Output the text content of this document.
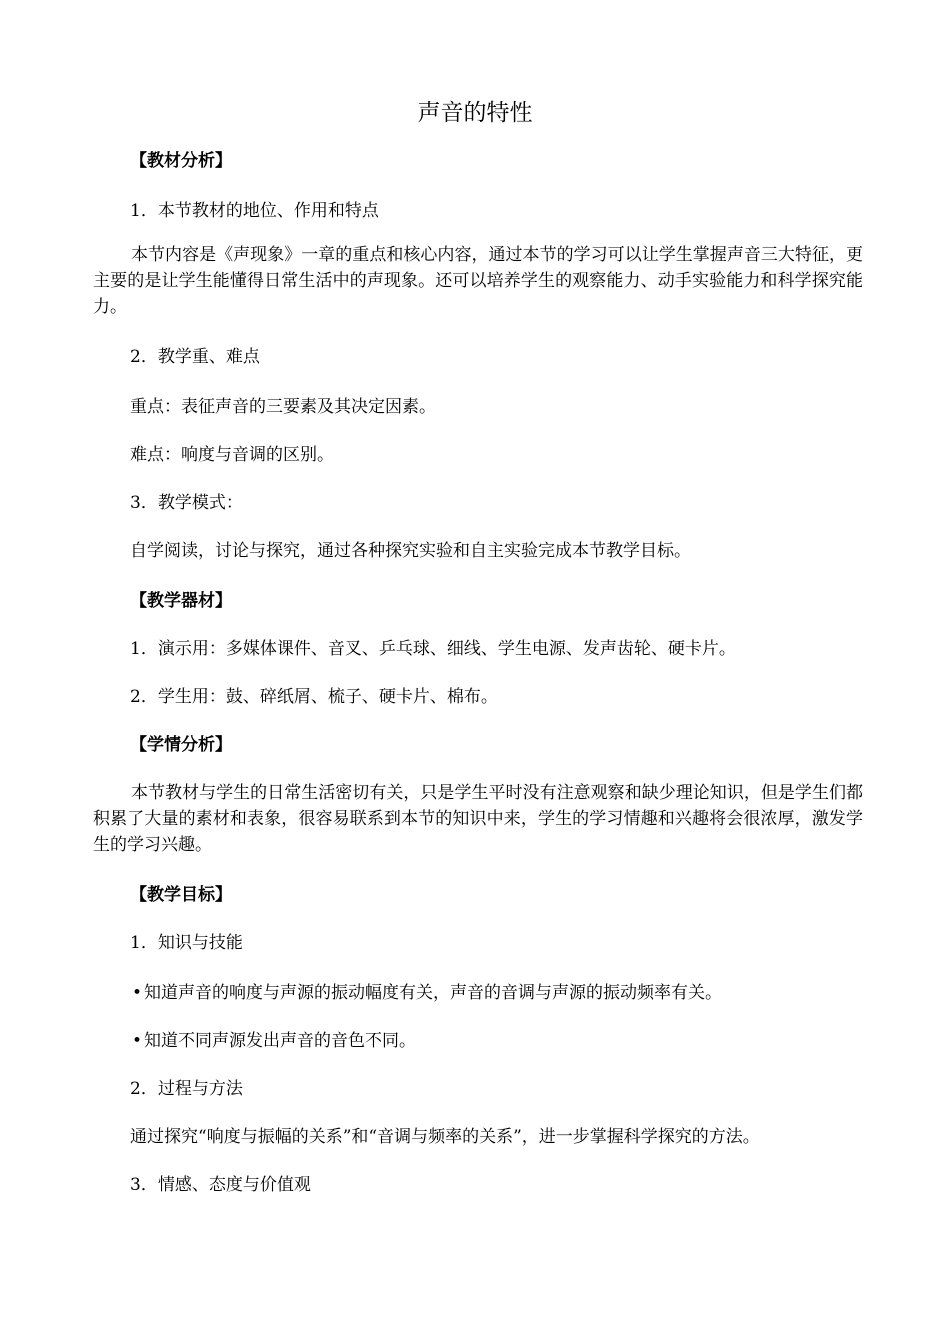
声音的特性
【教材分析】
1．本节教材的地位、作用和特点
本节内容是《声现象》一章的重点和核心内容，通过本节的学习可以让学生掌握声音三大特征，更主要的是让学生能懂得日常生活中的声现象。还可以培养学生的观察能力、动手实验能力和科学探究能力。
2．教学重、难点
重点：表征声音的三要素及其决定因素。
难点：响度与音调的区别。
3．教学模式：
自学阅读，讨论与探究，通过各种探究实验和自主实验完成本节教学目标。
【教学器材】
1．演示用：多媒体课件、音叉、乒乓球、细线、学生电源、发声齿轮、硬卡片。
2．学生用：鼓、碎纸屑、梳子、硬卡片、棉布。
【学情分析】
本节教材与学生的日常生活密切有关，只是学生平时没有注意观察和缺少理论知识，但是学生们都积累了大量的素材和表象，很容易联系到本节的知识中来，学生的学习情趣和兴趣将会很浓厚，激发学生的学习兴趣。
【教学目标】
1．知识与技能
• 知道声音的响度与声源的振动幅度有关，声音的音调与声源的振动频率有关。
• 知道不同声源发出声音的音色不同。
2．过程与方法
通过探究“响度与振幅的关系”和“音调与频率的关系”，进一步掌握科学探究的方法。
3．情感、态度与价值观
